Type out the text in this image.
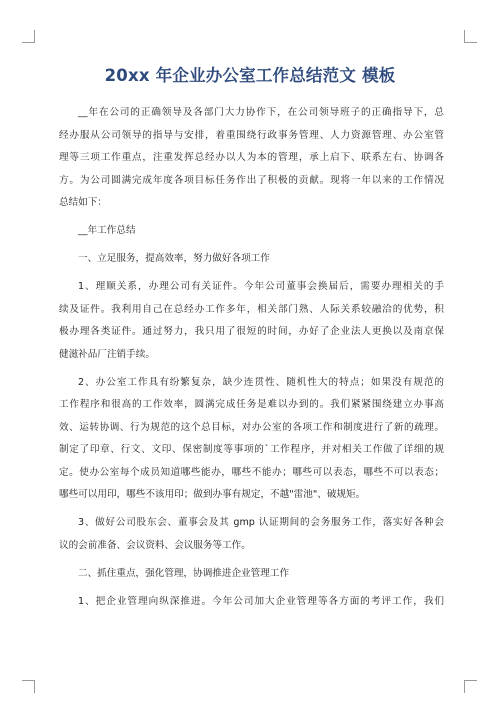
20xx 年企业办公室工作总结范文 模板
__年在公司的正确领导及各部门大力协作下，在公司领导班子的正确指导下，总
经办服从公司领导的指导与安排，着重围绕行政事务管理、人力资源管理、办公室管
理等三项工作重点，注重发挥总经办以人为本的管理，承上启下、联系左右、协调各
方。为公司圆满完成年度各项目标任务作出了积极的贡献。现将一年以来的工作情况
总结如下：
__年工作总结
一、立足服务，提高效率，努力做好各项工作
1、理顺关系，办理公司有关证件。今年公司董事会换届后，需要办理相关的手
续及证件。我利用自己在总经办工作多年，相关部门熟、人际关系较融洽的优势，积
极办理各类证件。通过努力，我只用了很短的时间，办好了企业法人更换以及南京保
健滋补品厂注销手续。
2、办公室工作具有纷繁复杂，缺少连贯性、随机性大的特点；如果没有规范的
工作程序和很高的工作效率，圆满完成任务是难以办到的。我们紧紧围绕建立办事高
效、运转协调、行为规范的这个总目标，对办公室的各项工作和制度进行了新的疏理。
制定了印章、行文、文印、保密制度等事项的`工作程序，并对相关工作做了详细的规
定。使办公室每个成员知道哪些能办，哪些不能办；哪些可以表态，哪些不可以表态；
哪些可以用印，哪些不该用印；做到办事有规定，不越"雷池"、破规矩。
3、做好公司股东会、董事会及其 gmp 认证期间的会务服务工作，落实好各种会
议的会前准备、会议资料、会议服务等工作。
二、抓住重点，强化管理，协调推进企业管理工作
1、把企业管理向纵深推进。今年公司加大企业管理等各方面的考评工作，我们
